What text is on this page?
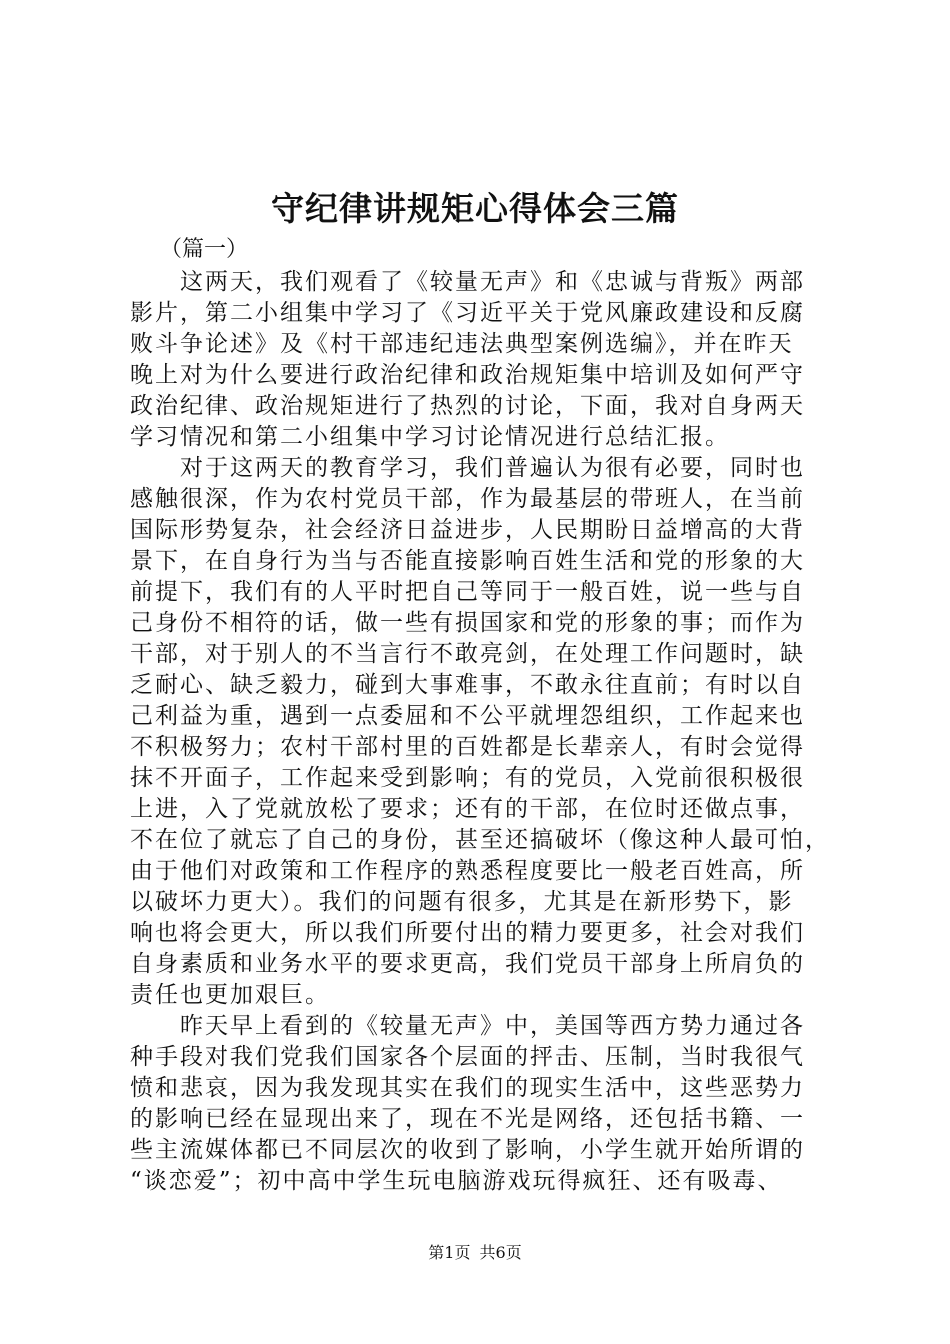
守纪律讲规矩心得体会三篇
（篇一）
这两天，我们观看了《较量无声》和《忠诚与背叛》两部
影片，第二小组集中学习了《习近平关于党风廉政建设和反腐
败斗争论述》及《村干部违纪违法典型案例选编》，并在昨天
晚上对为什么要进行政治纪律和政治规矩集中培训及如何严守
政治纪律、政治规矩进行了热烈的讨论，下面，我对自身两天
学习情况和第二小组集中学习讨论情况进行总结汇报。
对于这两天的教育学习，我们普遍认为很有必要，同时也
感触很深，作为农村党员干部，作为最基层的带班人，在当前
国际形势复杂，社会经济日益进步，人民期盼日益增高的大背
景下，在自身行为当与否能直接影响百姓生活和党的形象的大
前提下，我们有的人平时把自己等同于一般百姓，说一些与自
己身份不相符的话，做一些有损国家和党的形象的事；而作为
干部，对于别人的不当言行不敢亮剑，在处理工作问题时，缺
乏耐心、缺乏毅力，碰到大事难事，不敢永往直前；有时以自
己利益为重，遇到一点委屈和不公平就埋怨组织，工作起来也
不积极努力；农村干部村里的百姓都是长辈亲人，有时会觉得
抹不开面子，工作起来受到影响；有的党员，入党前很积极很
上进，入了党就放松了要求；还有的干部，在位时还做点事，
不在位了就忘了自己的身份，甚至还搞破坏（像这种人最可怕，
由于他们对政策和工作程序的熟悉程度要比一般老百姓高，所
以破坏力更大）。我们的问题有很多，尤其是在新形势下，影
响也将会更大，所以我们所要付出的精力要更多，社会对我们
自身素质和业务水平的要求更高，我们党员干部身上所肩负的
责任也更加艰巨。
昨天早上看到的《较量无声》中，美国等西方势力通过各
种手段对我们党我们国家各个层面的抨击、压制，当时我很气
愤和悲哀，因为我发现其实在我们的现实生活中，这些恶势力
的影响已经在显现出来了，现在不光是网络，还包括书籍、一
些主流媒体都已不同层次的收到了影响，小学生就开始所谓的
“谈恋爱”；初中高中学生玩电脑游戏玩得疯狂、还有吸毒、
第1页 共6页
